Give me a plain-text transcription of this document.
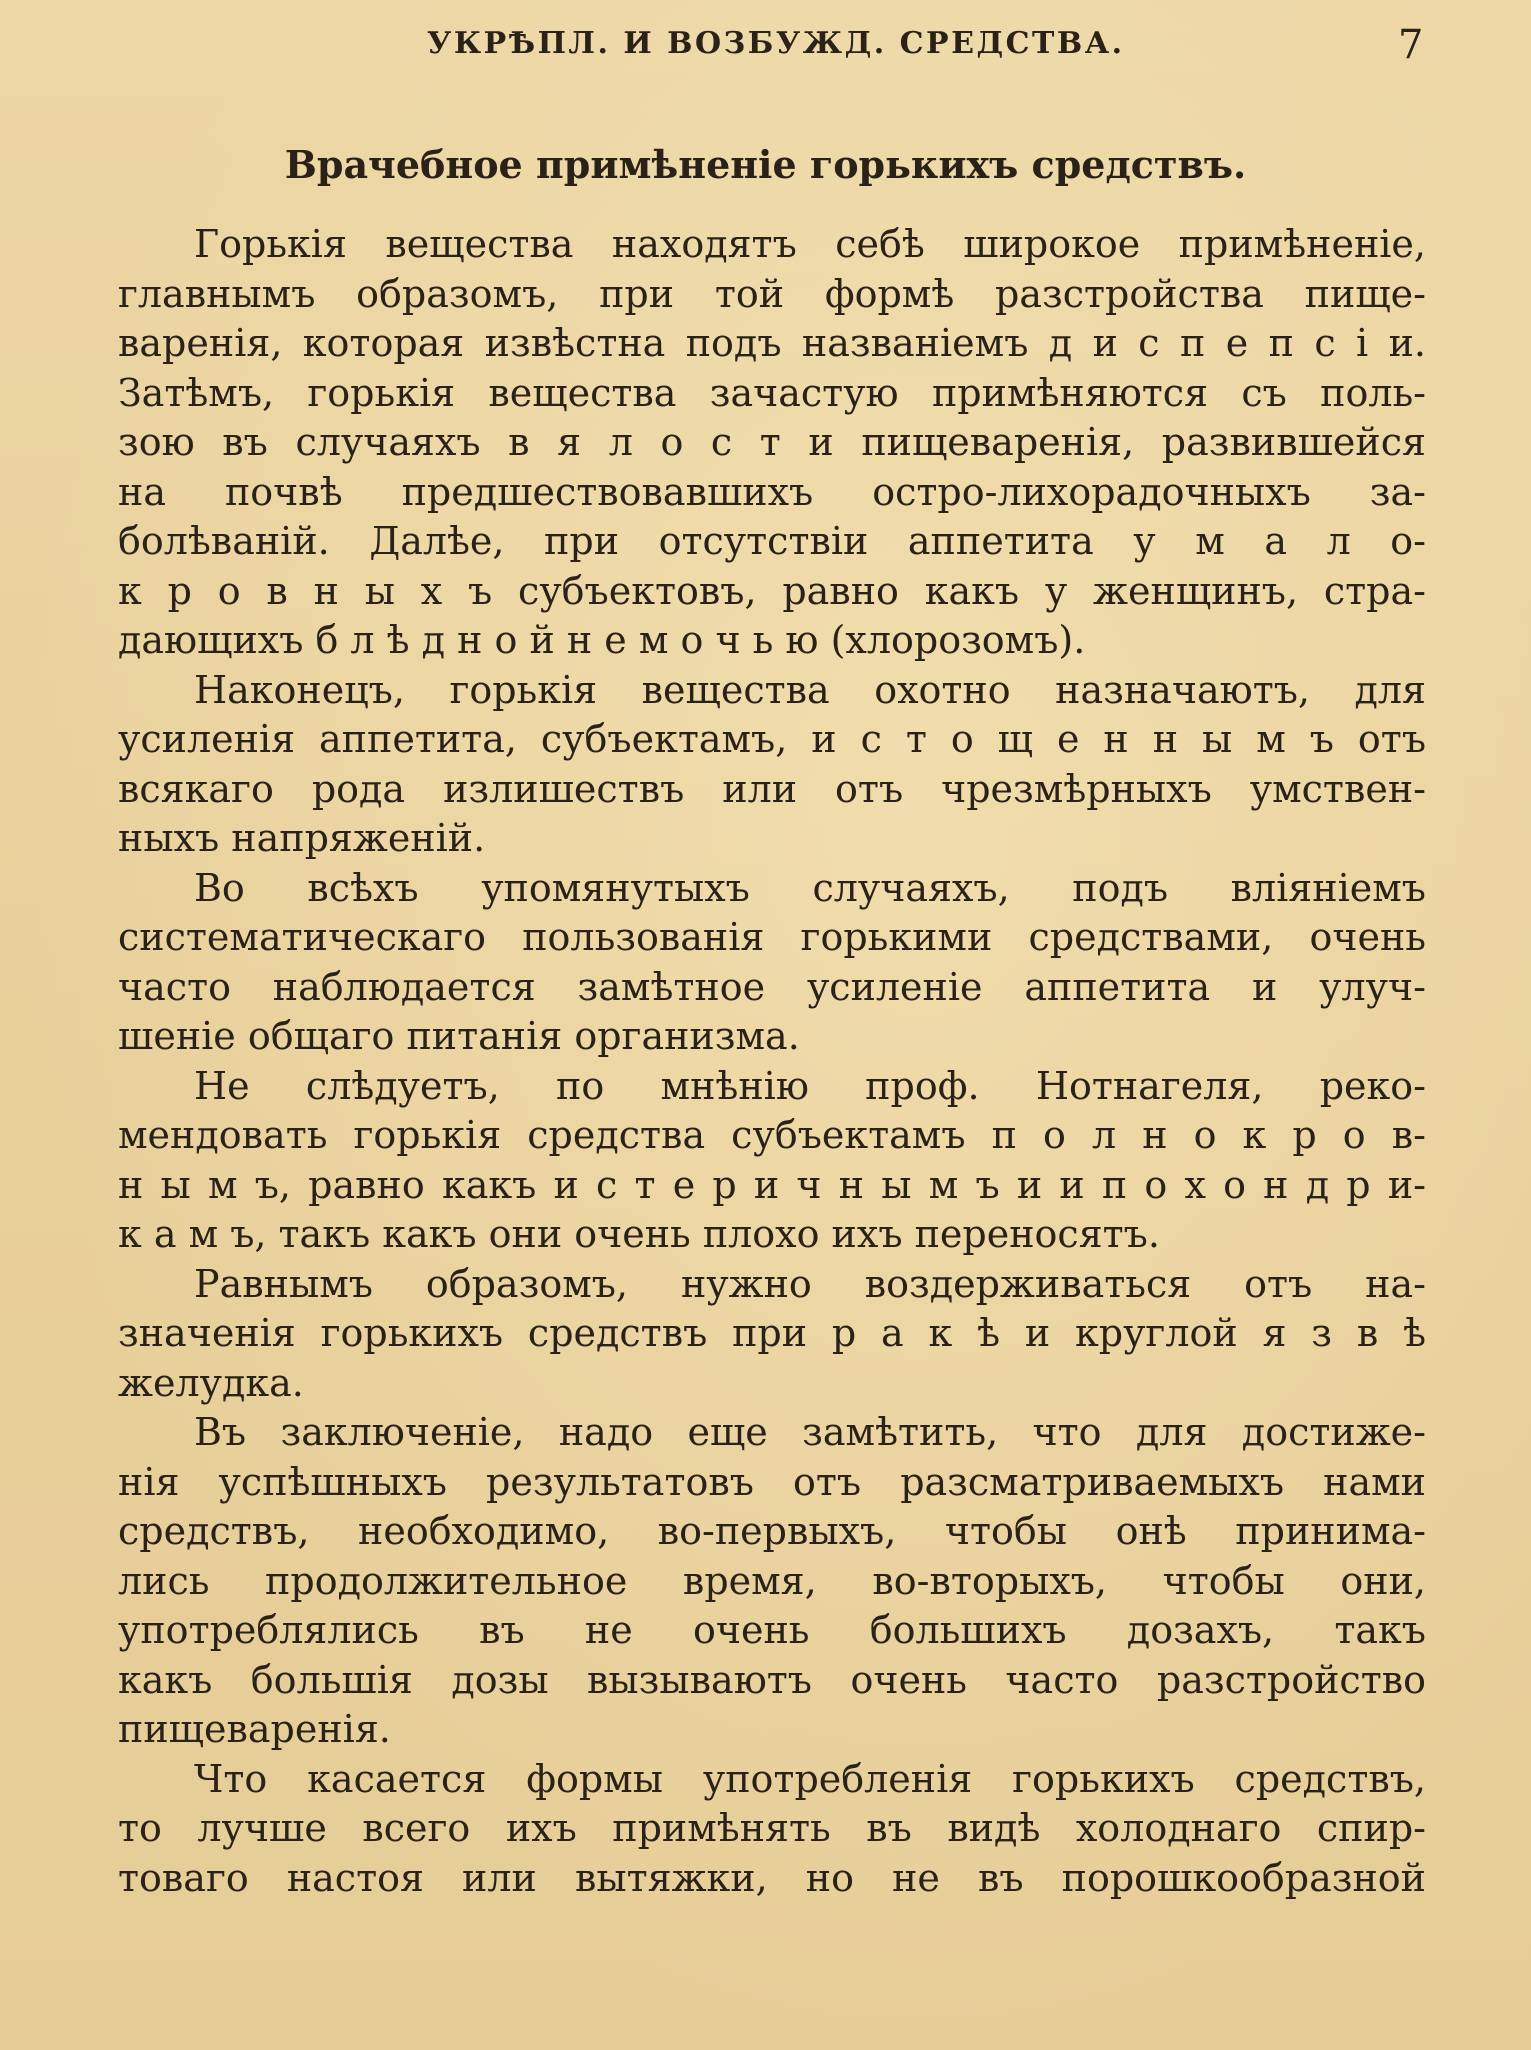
УКРѢПЛ. И ВОЗБУЖД. СРЕДСТВА.	7
Врачебное примѣненіе горькихъ средствъ.
Горькія вещества находятъ себѣ широкое примѣненіе,
главнымъ образомъ, при той формѣ разстройства пище-
варенія, которая извѣстна подъ названіемъ д и с п е п с і и.
Затѣмъ, горькія вещества зачастую примѣняются съ поль-
зою въ случаяхъ в я л о с т и пищеваренія, развившейся
на почвѣ предшествовавшихъ остро-лихорадочныхъ за-
болѣваній. Далѣе, при отсутствіи аппетита у м а л о-
к р о в н ы х ъ субъектовъ, равно какъ у женщинъ, стра-
дающихъ б л ѣ д н о й н е м о ч ь ю (хлорозомъ).
Наконецъ, горькія вещества охотно назначаютъ, для
усиленія аппетита, субъектамъ, и с т о щ е н н ы м ъ отъ
всякаго рода излишествъ или отъ чрезмѣрныхъ умствен-
ныхъ напряженій.
Во всѣхъ упомянутыхъ случаяхъ, подъ вліяніемъ
систематическаго пользованія горькими средствами, очень
часто наблюдается замѣтное усиленіе аппетита и улуч-
шеніе общаго питанія организма.
Не слѣдуетъ, по мнѣнію проф. Нотнагеля, реко-
мендовать горькія средства субъектамъ п о л н о к р о в-
н ы м ъ, равно какъ и с т е р и ч н ы м ъ и и п о х о н д р и-
к а м ъ, такъ какъ они очень плохо ихъ переносятъ.
Равнымъ образомъ, нужно воздерживаться отъ на-
значенія горькихъ средствъ при р а к ѣ и круглой я з в ѣ
желудка.
Въ заключеніе, надо еще замѣтить, что для достиже-
нія успѣшныхъ результатовъ отъ разсматриваемыхъ нами
средствъ, необходимо, во-первыхъ, чтобы онѣ принима-
лись продолжительное время, во-вторыхъ, чтобы они,
употреблялись въ не очень большихъ дозахъ, такъ
какъ большія дозы вызываютъ очень часто разстройство
пищеваренія.
Что касается формы употребленія горькихъ средствъ,
то лучше всего ихъ примѣнять въ видѣ холоднаго спир-
товаго настоя или вытяжки, но не въ порошкообразной
